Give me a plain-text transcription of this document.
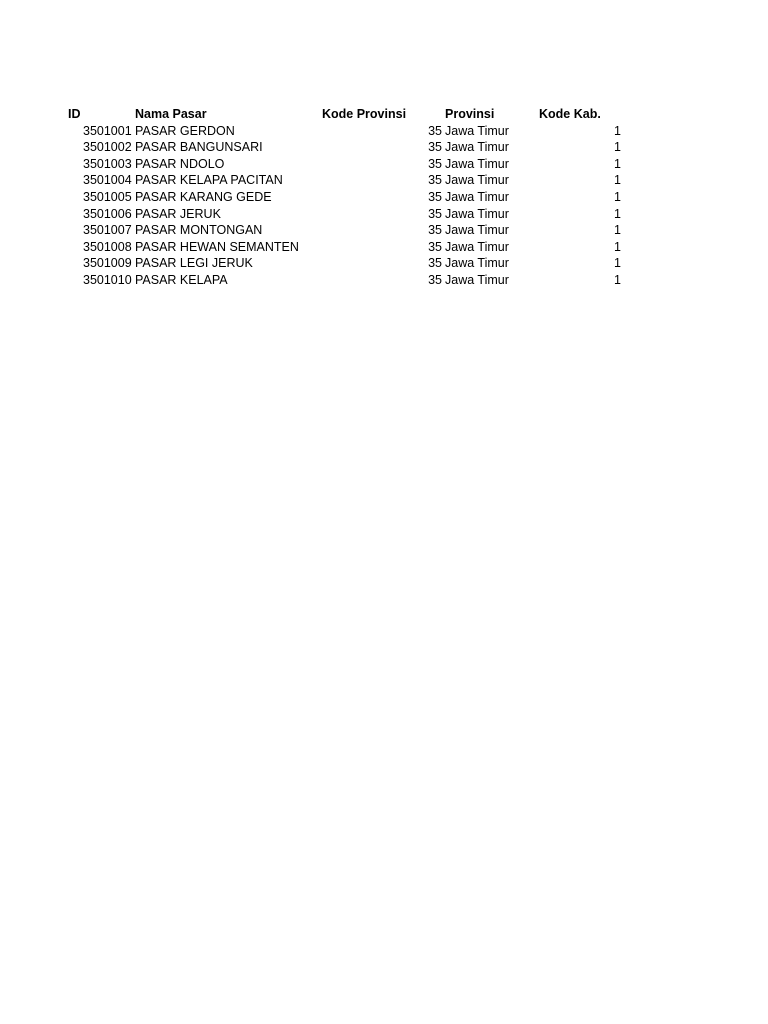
ID	Nama Pasar	Kode Provinsi	Provinsi	Kode Kab.
3501001 PASAR GERDON	35 Jawa Timur	1
3501002 PASAR BANGUNSARI	35 Jawa Timur	1
3501003 PASAR NDOLO	35 Jawa Timur	1
3501004 PASAR KELAPA PACITAN	35 Jawa Timur	1
3501005 PASAR KARANG GEDE	35 Jawa Timur	1
3501006 PASAR JERUK	35 Jawa Timur	1
3501007 PASAR MONTONGAN	35 Jawa Timur	1
3501008 PASAR HEWAN SEMANTEN	35 Jawa Timur	1
3501009 PASAR LEGI JERUK	35 Jawa Timur	1
3501010 PASAR KELAPA	35 Jawa Timur	1
